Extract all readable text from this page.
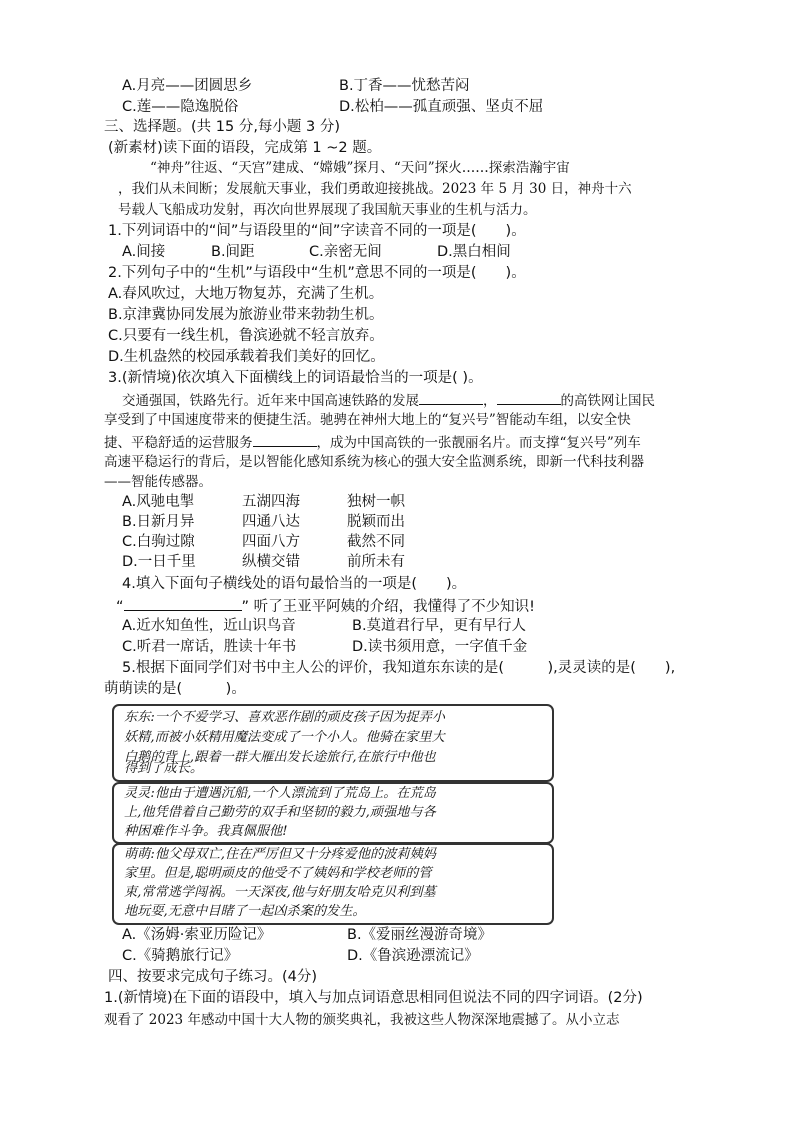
A.月亮——团圆思乡	B.丁香——忧愁苦闷
C.莲——隐逸脱俗	D.松柏——孤直顽强、坚贞不屈
三、选择题。(共 15 分,每小题 3 分)
(新素材)读下面的语段，完成第 1 ~2 题。
“神舟”往返、“天宫”建成、“嫦娥”探月、“天问”探火……探索浩瀚宇宙
，我们从未间断；发展航天事业，我们勇敢迎接挑战。2023 年 5 月 30 日，神舟十六
号载人飞船成功发射，再次向世界展现了我国航天事业的生机与活力。
1.下列词语中的“间”与语段里的“间”字读音不同的一项是(　　)。
A.间接	B.间距	C.亲密无间	D.黑白相间
2.下列句子中的“生机”与语段中“生机”意思不同的一项是(　　)。
A.春风吹过，大地万物复苏，充满了生机。
B.京津冀协同发展为旅游业带来勃勃生机。
C.只要有一线生机，鲁滨逊就不轻言放弃。
D.生机盎然的校园承载着我们美好的回忆。
3.(新情境)依次填入下面横线上的词语最恰当的一项是( )。
交通强国，铁路先行。近年来中国高速铁路的发展	，	的高铁网让国民
享受到了中国速度带来的便捷生活。驰骋在神州大地上的“复兴号”智能动车组，以安全快
捷、平稳舒适的运营服务	，成为中国高铁的一张靓丽名片。而支撑“复兴号”列车
高速平稳运行的背后，是以智能化感知系统为核心的强大安全监测系统，即新一代科技利器
——智能传感器。
A.风驰电掣	五湖四海	独树一帜
B.日新月异	四通八达	脱颖而出
C.白驹过隙	四面八方	截然不同
D.一日千里	纵横交错	前所未有
4.填入下面句子横线处的语句最恰当的一项是(　　)。
“	” 听了王亚平阿姨的介绍，我懂得了不少知识!
A.近水知鱼性，近山识鸟音	B.莫道君行早，更有早行人
C.听君一席话，胜读十年书	D.读书须用意，一字值千金
5.根据下面同学们对书中主人公的评价，我知道东东读的是(　　　),灵灵读的是(　　),
萌萌读的是(　　　)。
东东:一个不爱学习、喜欢恶作剧的顽皮孩子因为捉弄小
妖精,而被小妖精用魔法变成了一个小人。他骑在家里大
白鹅的背上,跟着一群大雁出发长途旅行,在旅行中他也
得到了成长。
灵灵:他由于遭遇沉船,一个人漂流到了荒岛上。在荒岛
上,他凭借着自己勤劳的双手和坚韧的毅力,顽强地与各
种困难作斗争。我真佩服他!
萌萌:他父母双亡,住在严厉但又十分疼爱他的波莉姨妈
家里。但是,聪明顽皮的他受不了姨妈和学校老师的管
束,常常逃学闯祸。一天深夜,他与好朋友哈克贝利到墓
地玩耍,无意中目睹了一起凶杀案的发生。
A.《汤姆·索亚历险记》	B.《爱丽丝漫游奇境》
C.《骑鹅旅行记》	D.《鲁滨逊漂流记》
四、按要求完成句子练习。(4分)
1.(新情境)在下面的语段中，填入与加点词语意思相同但说法不同的四字词语。(2分)
观看了 2023 年感动中国十大人物的颁奖典礼，我被这些人物深深地震撼了。从小立志
